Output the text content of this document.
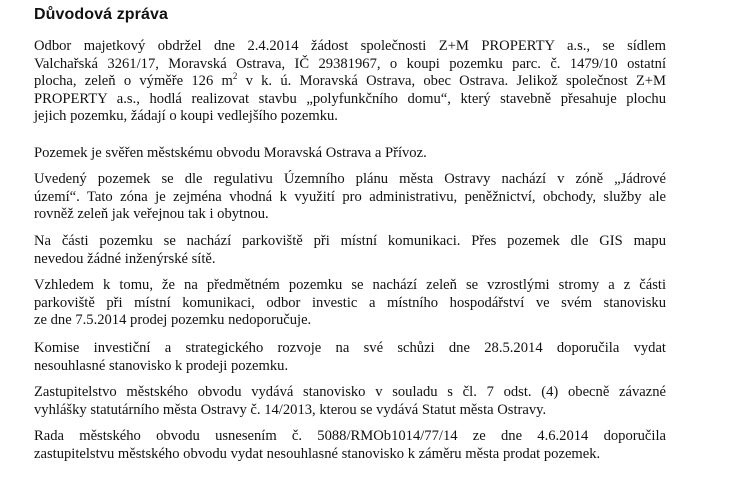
Důvodová zpráva
Odbor majetkový obdržel dne 2.4.2014 žádost společnosti Z+M PROPERTY a.s., se sídlem
Valchařská 3261/17, Moravská Ostrava, IČ 29381967, o koupi pozemku parc. č. 1479/10 ostatní
plocha, zeleň o výměře 126 $m^2$ v k. ú. Moravská Ostrava, obec Ostrava. Jelikož společnost Z+M
PROPERTY a.s., hodlá realizovat stavbu „polyfunkčního domu“, který stavebně přesahuje plochu
jejich pozemku, žádají o koupi vedlejšího pozemku.
Pozemek je svěřen městskému obvodu Moravská Ostrava a Přívoz.
Uvedený pozemek se dle regulativu Územního plánu města Ostravy nachází v zóně „Jádrové
území“. Tato zóna je zejména vhodná k využití pro administrativu, peněžnictví, obchody, služby ale
rovněž zeleň jak veřejnou tak i obytnou.
Na části pozemku se nachází parkoviště při místní komunikaci. Přes pozemek dle GIS mapu
nevedou žádné inženýrské sítě.
Vzhledem k tomu, že na předmětném pozemku se nachází zeleň se vzrostlými stromy a z části
parkoviště při místní komunikaci, odbor investic a místního hospodářství ve svém stanovisku
ze dne 7.5.2014 prodej pozemku nedoporučuje.
Komise investiční a strategického rozvoje na své schůzi dne 28.5.2014 doporučila vydat
nesouhlasné stanovisko k prodeji pozemku.
Zastupitelstvo městského obvodu vydává stanovisko v souladu s čl. 7 odst. (4) obecně závazné
vyhlášky statutárního města Ostravy č. 14/2013, kterou se vydává Statut města Ostravy.
Rada městského obvodu usnesením č. 5088/RMOb1014/77/14 ze dne 4.6.2014 doporučila
zastupitelstvu městského obvodu vydat nesouhlasné stanovisko k záměru města prodat pozemek.
